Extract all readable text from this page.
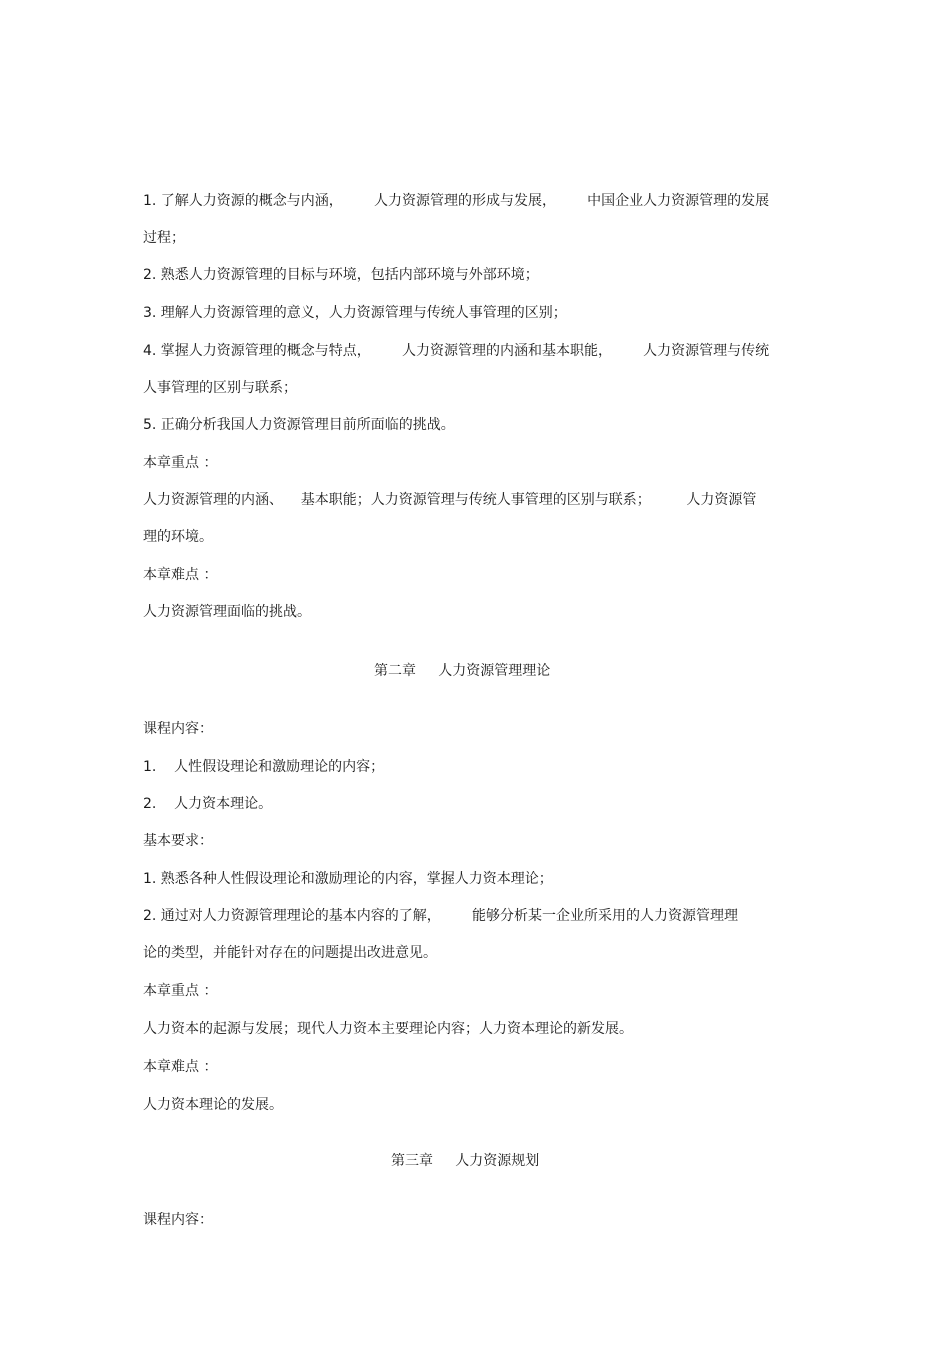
1. 了解人力资源的概念与内涵，       人力资源管理的形成与发展，       中国企业人力资源管理的发展
过程；
2. 熟悉人力资源管理的目标与环境，包括内部环境与外部环境；
3. 理解人力资源管理的意义，人力资源管理与传统人事管理的区别；
4. 掌握人力资源管理的概念与特点，       人力资源管理的内涵和基本职能，       人力资源管理与传统
人事管理的区别与联系；
5. 正确分析我国人力资源管理目前所面临的挑战。
本章重点 ：
人力资源管理的内涵、    基本职能；人力资源管理与传统人事管理的区别与联系；        人力资源管
理的环境。
本章难点 ：
人力资源管理面临的挑战。
第二章     人力资源管理理论
课程内容：
1.    人性假设理论和激励理论的内容；
2.    人力资本理论。
基本要求：
1. 熟悉各种人性假设理论和激励理论的内容，掌握人力资本理论；
2. 通过对人力资源管理理论的基本内容的了解，       能够分析某一企业所采用的人力资源管理理
论的类型，并能针对存在的问题提出改进意见。
本章重点 ：
人力资本的起源与发展；现代人力资本主要理论内容；人力资本理论的新发展。
本章难点 ：
人力资本理论的发展。
第三章     人力资源规划
课程内容：
